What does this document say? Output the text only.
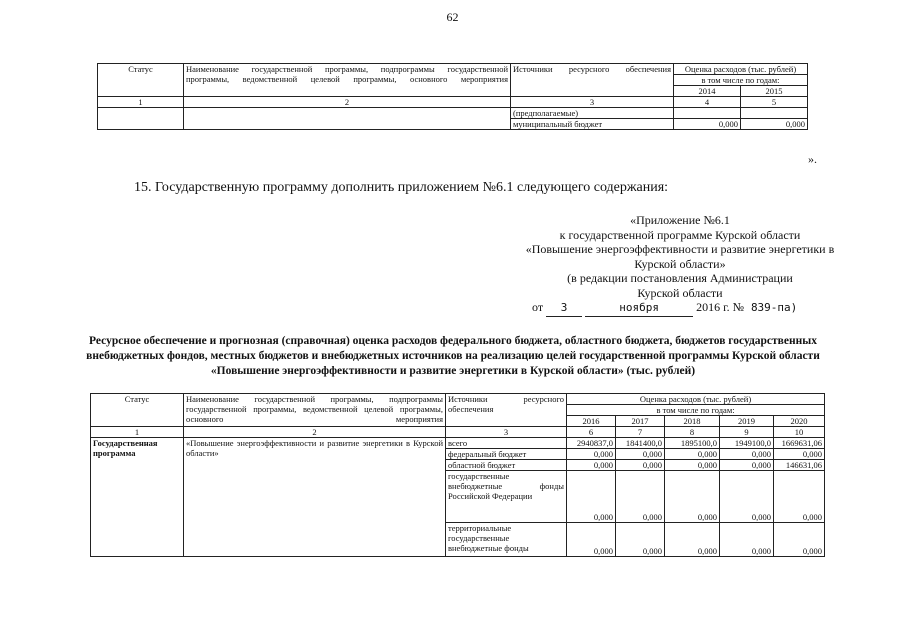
62
Статус	Наименование государственной программы, подпрограммы государственной программы, ведомственной целевой программы, основного мероприятия	Источники ресурсного обеспечения	Оценка расходов (тыс. рублей)	
			в том числе по годам:	
			2014	2015
1	2	3	4	5
		(предполагаемые)		
		муниципальный бюджет	0,000	0,000
».
15. Государственную программу дополнить приложением №6.1 следующего содержания:
«Приложение №6.1
к государственной программе Курской области
«Повышение энергоэффективности и развитие энергетики в
Курской области»
(в редакции постановления Администрации
Курской области
от 3	ноября	2016 г. № 839-па)
Ресурсное обеспечение и прогнозная (справочная) оценка расходов федерального бюджета, областного бюджета, бюджетов государственных внебюджетных фондов, местных бюджетов и внебюджетных источников на реализацию целей государственной программы Курской области «Повышение энергоэффективности и развитие энергетики в Курской области» (тыс. рублей)
Статус	Наименование государственной программы, подпрограммы государственной программы, ведомственной целевой программы, основного мероприятия	Источники ресурсного обеспечения	Оценка расходов (тыс. рублей)				
			в том числе по годам:				
			2016	2017	2018	2019	2020
1	2	3	6	7	8	9	10
Государственная программа	«Повышение энергоэффективности и развитие энергетики в Курской области»	всего	2940837,0	1841400,0	1895100,0	1949100,0	1669631,06
		федеральный бюджет	0,000	0,000	0,000	0,000	0,000
		областной бюджет	0,000	0,000	0,000	0,000	146631,06
		государственные внебюджетные фонды Российской Федерации	0,000	0,000	0,000	0,000	0,000
		территориальные государственные внебюджетные фонды	0,000	0,000	0,000	0,000	0,000
